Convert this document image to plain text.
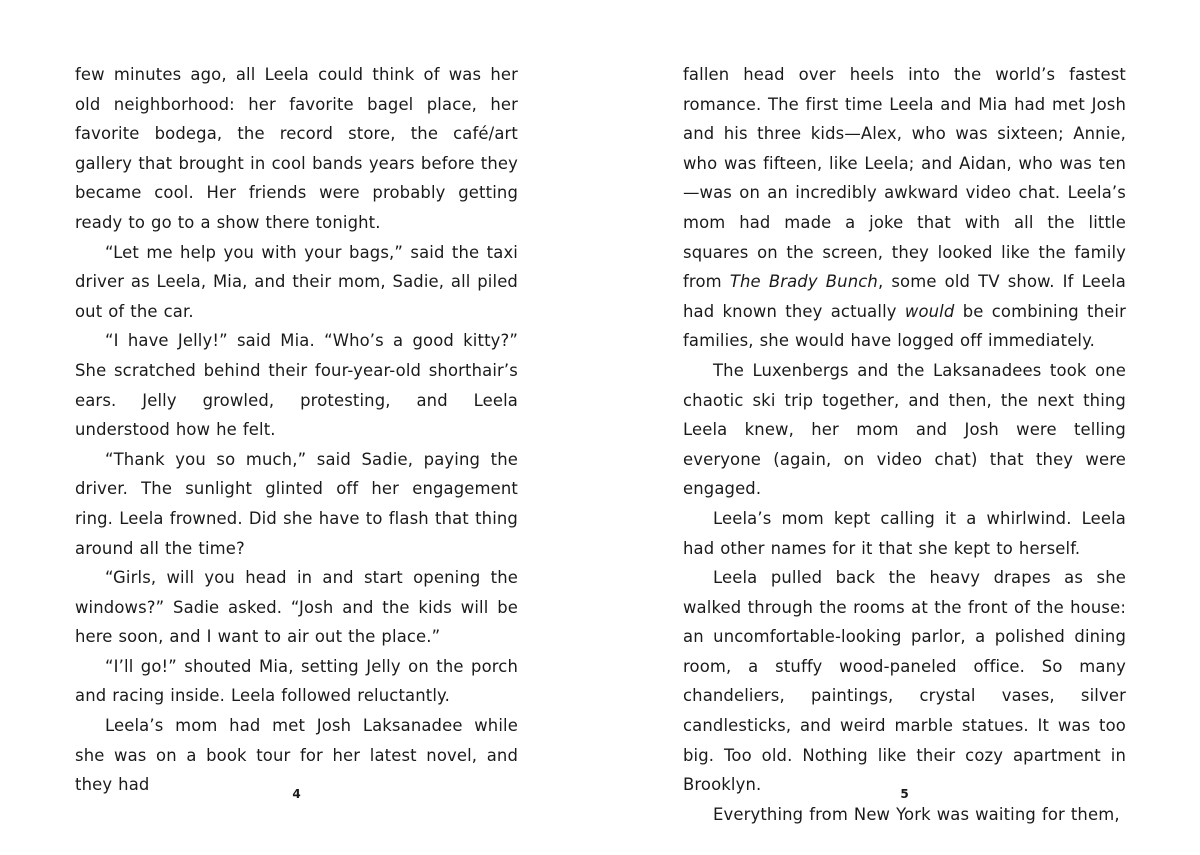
few minutes ago, all Leela could think of was her old neighborhood: her favorite bagel place, her favorite bodega, the record store, the café/art gallery that brought in cool bands years before they became cool. Her friends were probably getting ready to go to a show there tonight.

“Let me help you with your bags,” said the taxi driver as Leela, Mia, and their mom, Sadie, all piled out of the car.

“I have Jelly!” said Mia. “Who’s a good kitty?” She scratched behind their four-year-old shorthair’s ears. Jelly growled, protesting, and Leela understood how he felt.

“Thank you so much,” said Sadie, paying the driver. The sunlight glinted off her engagement ring. Leela frowned. Did she have to flash that thing around all the time?

“Girls, will you head in and start opening the windows?” Sadie asked. “Josh and the kids will be here soon, and I want to air out the place.”

“I’ll go!” shouted Mia, setting Jelly on the porch and racing inside. Leela followed reluctantly.

Leela’s mom had met Josh Laksanadee while she was on a book tour for her latest novel, and they had	4

fallen head over heels into the world’s fastest romance. The first time Leela and Mia had met Josh and his three kids—Alex, who was sixteen; Annie, who was fifteen, like Leela; and Aidan, who was ten—was on an incredibly awkward video chat. Leela’s mom had made a joke that with all the little squares on the screen, they looked like the family from The Brady Bunch, some old TV show. If Leela had known they actually would be combining their families, she would have logged off immediately.

The Luxenbergs and the Laksanadees took one chaotic ski trip together, and then, the next thing Leela knew, her mom and Josh were telling everyone (again, on video chat) that they were engaged.

Leela’s mom kept calling it a whirlwind. Leela had other names for it that she kept to herself.

Leela pulled back the heavy drapes as she walked through the rooms at the front of the house: an uncomfortable-looking parlor, a polished dining room, a stuffy wood-paneled office. So many chandeliers, paintings, crystal vases, silver candlesticks, and weird marble statues. It was too big. Too old. Nothing like their cozy apartment in Brooklyn.

Everything from New York was waiting for them,

5
